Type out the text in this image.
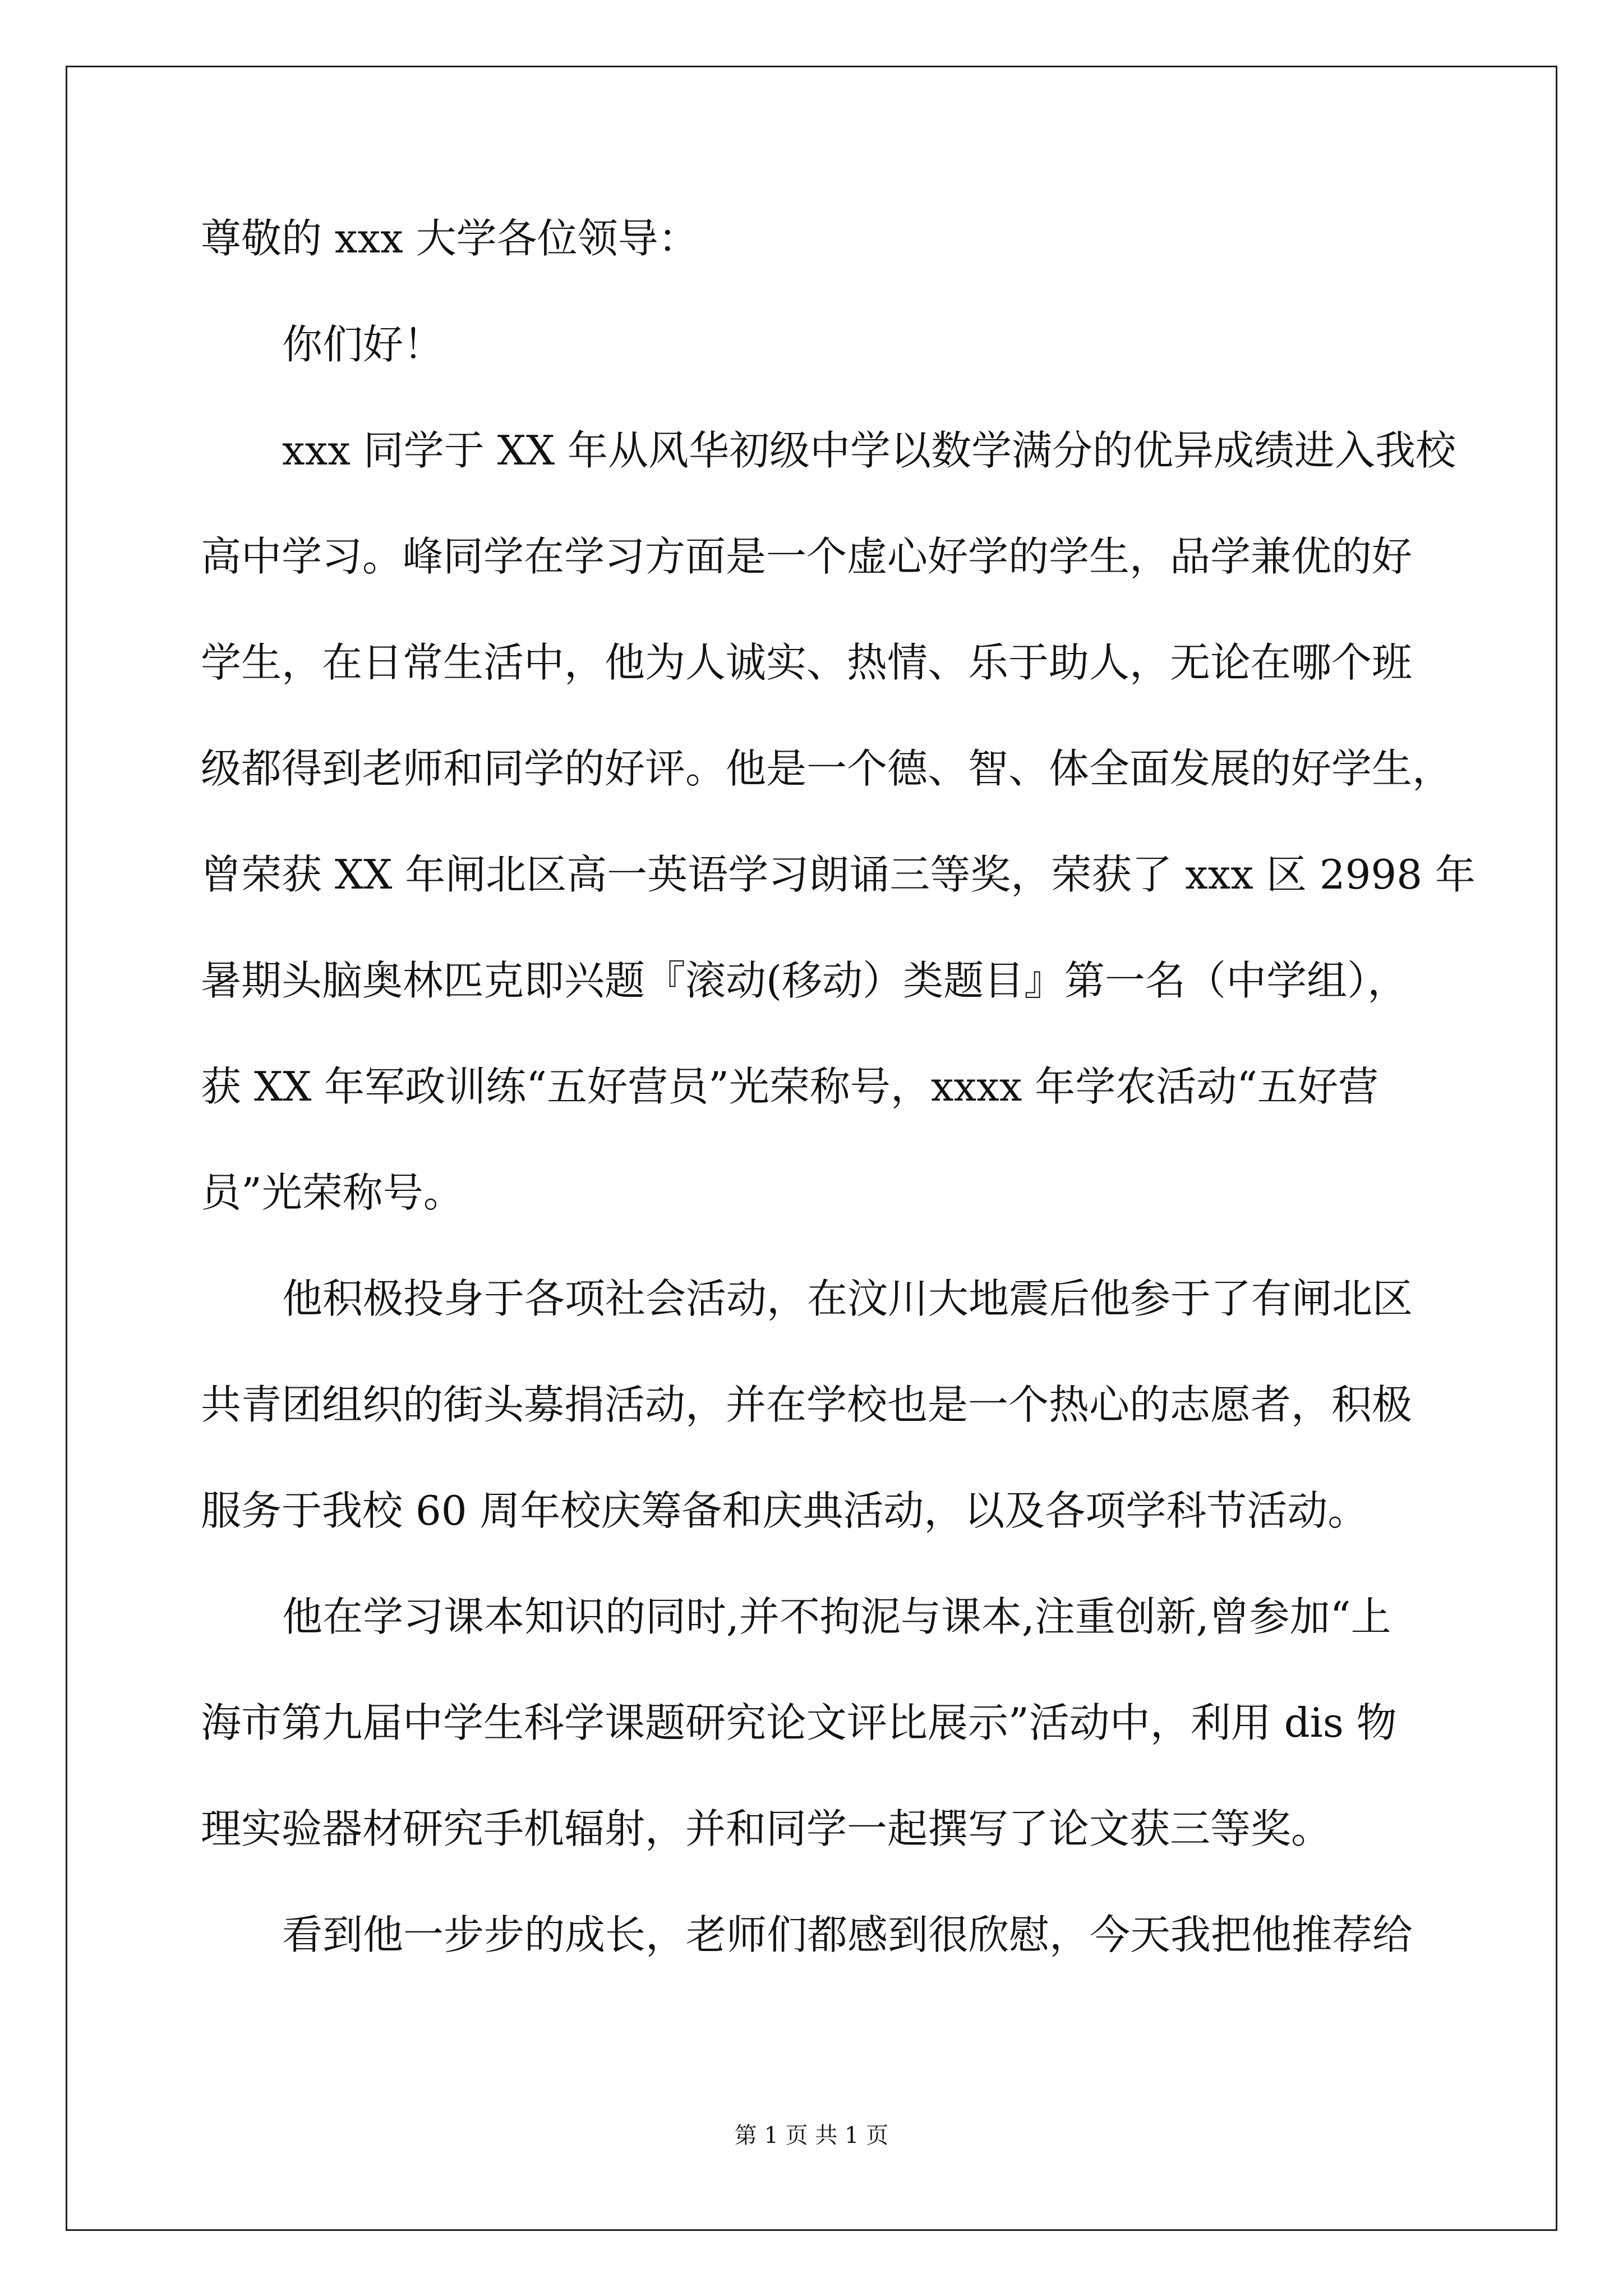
尊敬的 xxx 大学各位领导：
你们好！
xxx 同学于 XX 年从风华初级中学以数学满分的优异成绩进入我校
高中学习。峰同学在学习方面是一个虚心好学的学生，品学兼优的好
学生，在日常生活中，他为人诚实、热情、乐于助人，无论在哪个班
级都得到老师和同学的好评。他是一个德、智、体全面发展的好学生，
曾荣获 XX 年闸北区高一英语学习朗诵三等奖，荣获了 xxx 区 2998 年
暑期头脑奥林匹克即兴题『滚动(移动）类题目』第一名（中学组），
获 XX 年军政训练“五好营员”光荣称号，xxxx 年学农活动“五好营
员”光荣称号。
他积极投身于各项社会活动，在汶川大地震后他参于了有闸北区
共青团组织的街头募捐活动，并在学校也是一个热心的志愿者，积极
服务于我校 60 周年校庆筹备和庆典活动，以及各项学科节活动。
他在学习课本知识的同时,并不拘泥与课本,注重创新,曾参加“上
海市第九届中学生科学课题研究论文评比展示”活动中，利用 dis 物
理实验器材研究手机辐射，并和同学一起撰写了论文获三等奖。
看到他一步步的成长，老师们都感到很欣慰，今天我把他推荐给
第 1 页 共 1 页
